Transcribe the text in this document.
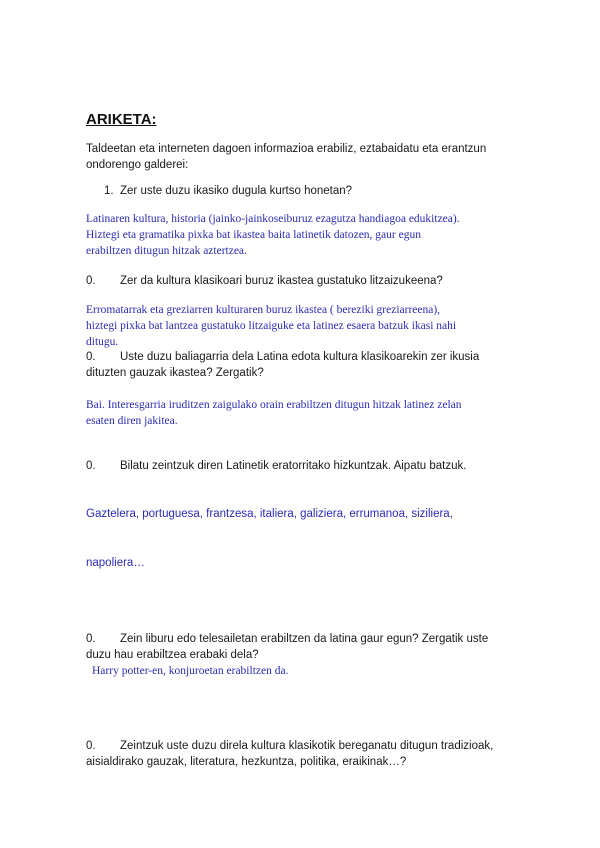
ARIKETA:

Taldeetan eta interneten dagoen informazioa erabiliz, eztabaidatu eta erantzun

ondorengo galderei:

1. Zer uste duzu ikasiko dugula kurtso honetan?

Latinaren kultura, historia (jainko-jainkoseiburuz ezagutza handiagoa edukitzea).

Hiztegi eta gramatika pixka bat ikastea baita latinetik datozen, gaur egun

erabiltzen ditugun hitzak aztertzea.

0. Zer da kultura klasikoari buruz ikastea gustatuko litzaizukeena?

Erromatarrak eta greziarren kulturaren buruz ikastea ( bereziki greziarreena),

hiztegi pixka bat lantzea gustatuko litzaiguke eta latinez esaera batzuk ikasi nahi

ditugu.

0. Uste duzu baliagarria dela Latina edota kultura klasikoarekin zer ikusia

dituzten gauzak ikastea? Zergatik?

Bai. Interesgarria iruditzen zaigulako orain erabiltzen ditugun hitzak latinez zelan

esaten diren jakitea.

0. Bilatu zeintzuk diren Latinetik eratorritako hizkuntzak. Aipatu batzuk.

Gaztelera, portuguesa, frantzesa, italiera, galiziera, errumanoa, siziliera,

napoliera…

0. Zein liburu edo telesailetan erabiltzen da latina gaur egun? Zergatik uste

duzu hau erabiltzea erabaki dela?

Harry potter-en, konjuroetan erabiltzen da.

0. Zeintzuk uste duzu direla kultura klasikotik bereganatu ditugun tradizioak,

aisialdirako gauzak, literatura, hezkuntza, politika, eraikinak…?
